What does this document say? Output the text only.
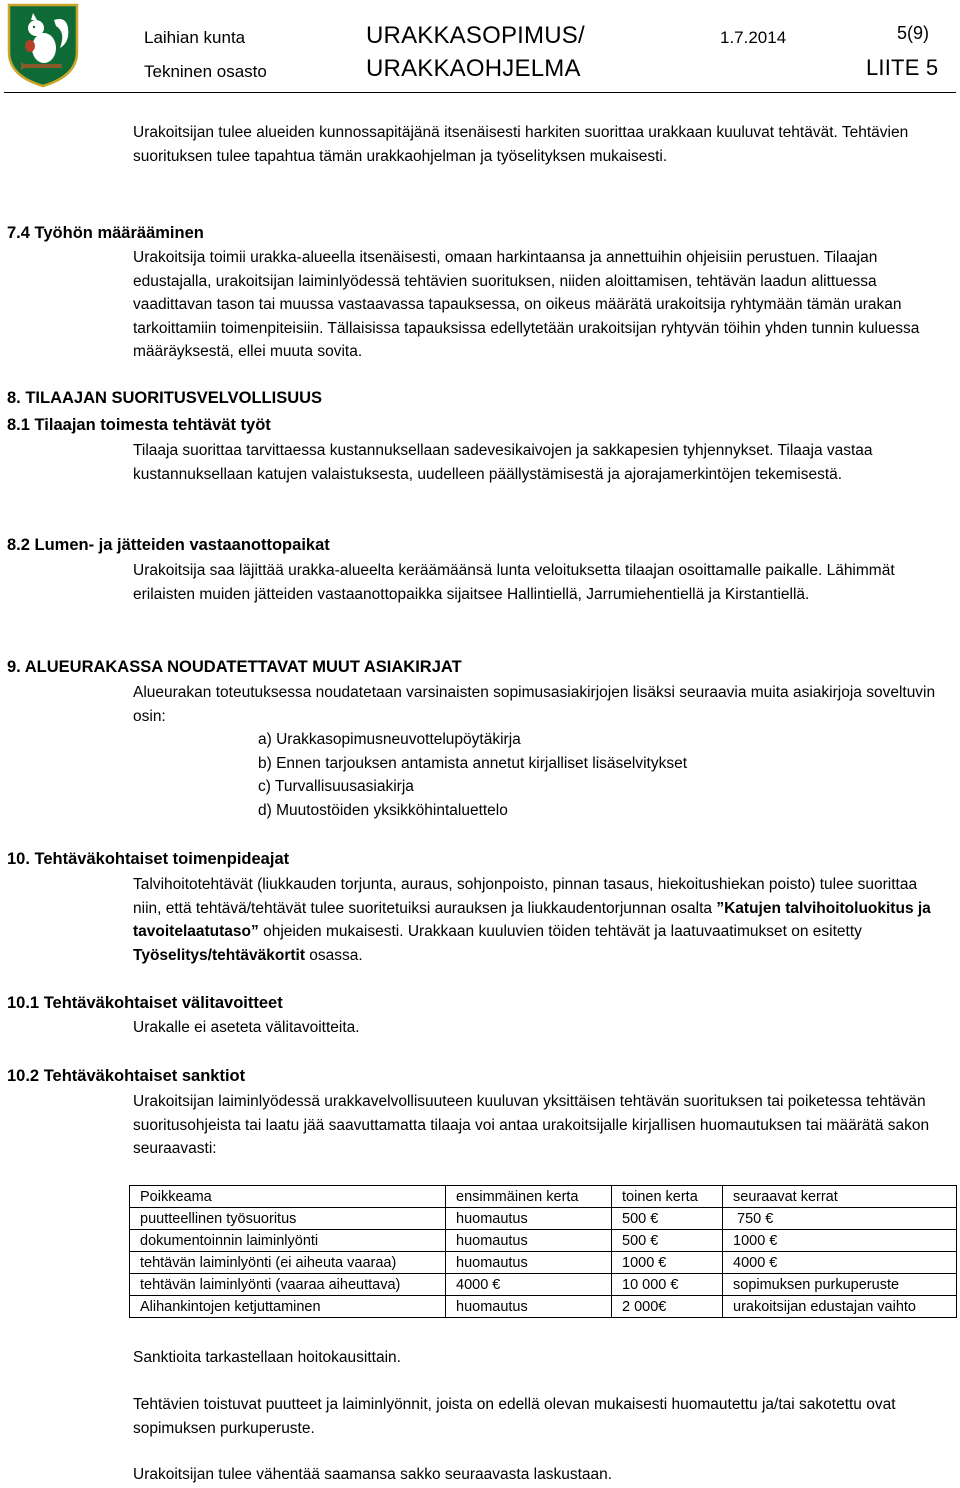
Laihian kunta
Tekninen osasto
URAKKASOPIMUS/
URAKKAOHJELMA
1.7.2014	5(9)
LIITE 5
Urakoitsijan tulee alueiden kunnossapitäjänä itsenäisesti harkiten suorittaa urakkaan kuuluvat tehtävät. Tehtävien suorituksen tulee tapahtua tämän urakkaohjelman ja työselityksen mukaisesti.
7.4 Työhön määrääminen
Urakoitsija toimii urakka-alueella itsenäisesti, omaan harkintaansa ja annettuihin ohjeisiin perustuen. Tilaajan edustajalla, urakoitsijan laiminlyödessä tehtävien suorituksen, niiden aloittamisen, tehtävän laadun alittuessa vaadittavan tason tai muussa vastaavassa tapauksessa, on oikeus määrätä urakoitsija ryhtymään tämän urakan tarkoittamiin toimenpiteisiin. Tällaisissa tapauksissa edellytetään urakoitsijan ryhtyvän töihin yhden tunnin kuluessa määräyksestä, ellei muuta sovita.
8. TILAAJAN SUORITUSVELVOLLISUUS
8.1 Tilaajan toimesta tehtävät työt
Tilaaja suorittaa tarvittaessa kustannuksellaan sadevesikaivojen ja sakkapesien tyhjennykset. Tilaaja vastaa kustannuksellaan katujen valaistuksesta, uudelleen päällystämisestä ja ajorajamerkintöjen tekemisestä.
8.2 Lumen- ja jätteiden vastaanottopaikat
Urakoitsija saa läjittää urakka-alueelta keräämäänsä lunta veloituksetta tilaajan osoittamalle paikalle. Lähimmät erilaisten muiden jätteiden vastaanottopaikka sijaitsee Hallintiellä, Jarrumiehentiellä ja Kirstantiellä.
9. ALUEURAKASSA NOUDATETTAVAT MUUT ASIAKIRJAT
Alueurakan toteutuksessa noudatetaan varsinaisten sopimusasiakirjojen lisäksi seuraavia muita asiakirjoja soveltuvin osin:
a) Urakkasopimusneuvottelupöytäkirja
b) Ennen tarjouksen antamista annetut kirjalliset lisäselvitykset
c) Turvallisuusasiakirja
d) Muutostöiden yksikköhintaluettelo
10. Tehtäväkohtaiset toimenpideajat
Talvihoitotehtävät (liukkauden torjunta, auraus, sohjonpoisto, pinnan tasaus, hiekoitushiekan poisto) tulee suorittaa niin, että tehtävä/tehtävät tulee suoritetuiksi aurauksen ja liukkaudentorjunnan osalta ”Katujen talvihoitoluokitus ja tavoitelaatutaso” ohjeiden mukaisesti. Urakkaan kuuluvien töiden tehtävät ja laatuvaatimukset on esitetty Työselitys/tehtäväkortit osassa.
10.1 Tehtäväkohtaiset välitavoitteet
Urakalle ei aseteta välitavoitteita.
10.2 Tehtäväkohtaiset sanktiot
Urakoitsijan laiminlyödessä urakkavelvollisuuteen kuuluvan yksittäisen tehtävän suorituksen tai poiketessa tehtävän suoritusohjeista tai laatu jää saavuttamatta tilaaja voi antaa urakoitsijalle kirjallisen huomautuksen tai määrätä sakon seuraavasti:
Poikkeama	ensimmäinen kerta	toinen kerta	seuraavat kerrat
puutteellinen työsuoritus	huomautus	500 €	750 €
dokumentoinnin laiminlyönti	huomautus	500 €	1000 €
tehtävän laiminlyönti (ei aiheuta vaaraa)	huomautus	1000 €	4000 €
tehtävän laiminlyönti (vaaraa aiheuttava)	4000 €	10 000 €	sopimuksen purkuperuste
Alihankintojen ketjuttaminen	huomautus	2 000€	urakoitsijan edustajan vaihto
Sanktioita tarkastellaan hoitokausittain.
Tehtävien toistuvat puutteet ja laiminlyönnit, joista on edellä olevan mukaisesti huomautettu ja/tai sakotettu ovat sopimuksen purkuperuste.
Urakoitsijan tulee vähentää saamansa sakko seuraavasta laskustaan.
